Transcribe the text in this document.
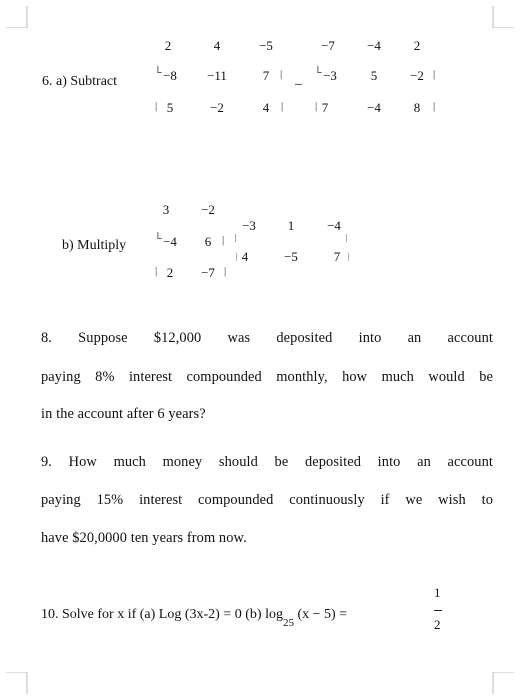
6. a) Subtract
2	4	−5
−8	−11	7
5	−2	4
└
|
|
|
_
−7	−4	2
−3	5	−2
7	−4	8
└
|
|
|
b) Multiply
3	−2
−4	6
2	−7
└
|
|
|
−3	1	−4
4	−5	7
|
|
|
|
8. Suppose $12,000 was deposited into an account
paying 8% interest compounded monthly, how much would be
in the account after 6 years?
9. How much money should be deposited into an account
paying 15% interest compounded continuously if we wish to
have $20,0000 ten years from now.
10. Solve for x if (a) Log (3x-2) = 0 (b) $\log_{25} (x - 5)$ =
1
2
